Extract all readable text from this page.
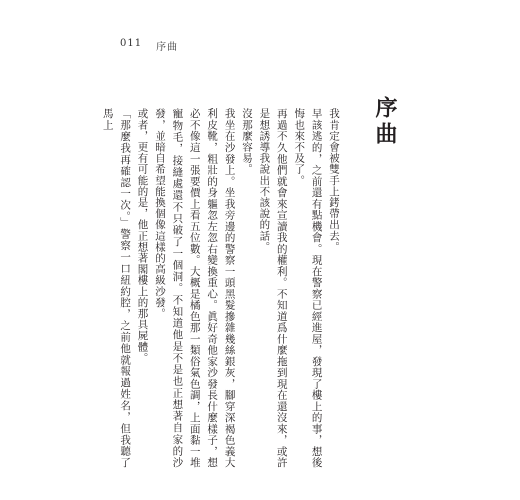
011 序曲
序曲

我肯定會被雙手上銬帶出去。

早該逃的，之前還有點機會。現在警察已經進屋，發現了樓上的事，想後悔也來不及了。

再過不久他們就會來宣讀我的權利。不知道爲什麼拖到現在還沒來，或許是想誘導我說出不該說的話。

沒那麼容易。

我坐在沙發上。坐我旁邊的警察一頭黑髮摻雜幾絲銀灰，腳穿深褐色義大利皮靴，粗壯的身軀忽左忽右變換重心。眞好奇他家沙發長什麼樣子，想必不像這一張要價上看五位數。大概是橘色那一類俗氣色調，上面黏一堆寵物毛，接縫處還不只破了一個洞。不知道他是不是也正想著自家的沙發，並暗自希望能換個像這樣的高級沙發。

或者，更有可能的是，他正想著閣樓上的那具屍體。

「那麼我再確認一次。」警察一口紐約腔，之前他就報過姓名，但我聽了馬上
